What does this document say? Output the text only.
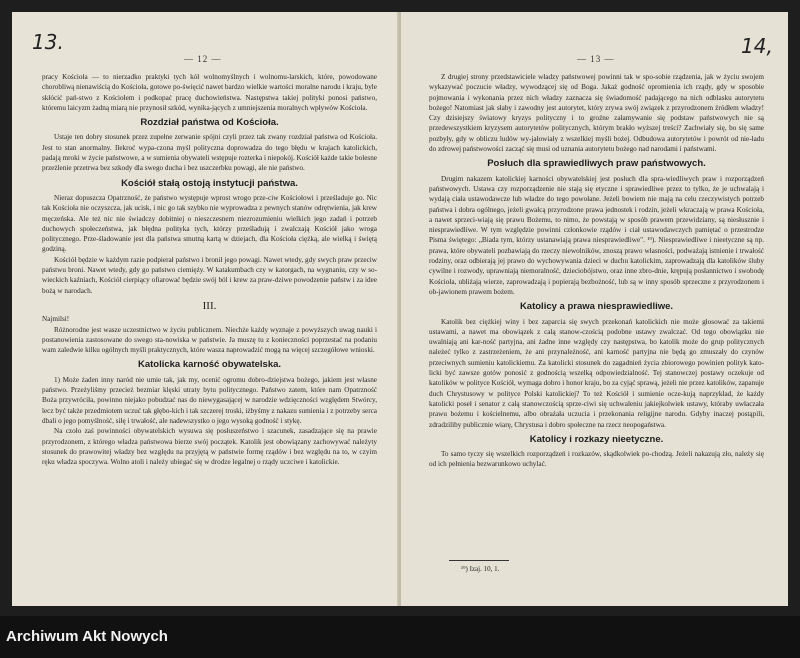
13.
— 12 —

pracy Kościoła — to nierzadko praktyki tych kół wolnomyślnych i wolnomu-larskich, które, powodowane chorobliwą nienawiścią do Kościoła, gotowe po-święcić nawet bardzo wielkie wartości moralne narodu i kraju, byle skłócić pań-stwo z Kościołem i podkopać pracę duchowieństwa. Następstwa takiej polityki ponosi państwo, któremu laicyzm żadną miarą nie przynosił szkód, wynika-jących z umniejszenia moralnych wpływów Kościoła.

Rozdział państwa od Kościoła.

Ustaje ten dobry stosunek przez zupełne zerwanie spójni czyli przez tak zwany rozdział państwa od Kościoła. Jest to stan anormalny. Ilekroć wypa-czona myśl polityczna doprowadza do tego błędu w krajach katolickich, padają mroki w życie państwowe, a w sumienia obywateli wstępuje rozterka i niepokój. Kościół każde takie bolesne przeżlenie przetrwa bez szkody dla swego ducha i bez uszczerbku powagi, ale nie państwo.

Kościół stałą ostoją instytucji państwa.

Nieraz dopuszcza Opatrzność, że państwo występuje wprost wrogo prze-ciw Kościołowi i prześladuje go. Nic tak Kościoła nie oczyszcza, jak ucisk, i nic go tak szybko nie wyprowadza z pewnych stanów odrętwienia, jak krew męczeńska. Ale też nic nie świadczy dobitniej o nieszczesnem niezrozumieniu wielkich jego zadań i potrzeb duchowych społeczeństwa, jak błędna polityka tych, którzy prześladują i zwalczają Kościół jako wroga politycznego. Prze-śladowanie jest dla państwa smutną kartą w dziejach, dla Kościoła ciężką, ale wielką i świętą godziną.

Kościół będzie w każdym razie podpierał państwo i bronił jego powagi. Nawet wtedy, gdy swych praw przeciw państwu broni. Nawet wtedy, gdy go państwo ciemięży. W katakumbach czy w katorgach, na wygnaniu, czy w so-wieckich kaźniach, Kościół cierpiący ofiarować będzie swój ból i krew za praw-dziwe powodzenie państw i za idee bożą w narodach.

III.

Najmilsi!

Różnorodne jest wasze uczestnictwo w życiu publicznem. Niechże każdy wyznaje z powyższych uwag nauki i postanowienia zastosowane do swego sta-nowiska w państwie. Ja muszę tu z konieczności poprzestać na podaniu wam zaledwie kilku ogólnych myśli praktycznych, które wasza naprowadzić mogą na więcej szczegółowe wnioski.

Katolicka karność obywatelska.

1) Może żaden inny naród nie umie tak, jak my, ocenić ogromu dobro-dziejstwa bożego, jakiem jest własne państwo. Przeżyliśmy przecież bezmiar klęski utraty bytu politycznego. Państwo zatem, które nam Opatrzność Boża przywróciła, powinno niejako pobudzać nas do niewygasającej w narodzie wdzięczności względem Stwórcy, lecz być także przedmiotem uczuć tak głębo-kich i tak szczerej troski, iżbyśmy z nakazu sumienia i z potrzeby serca dbali o jego pomyślność, siłę i trwałość, ale nadewszystko o jego wysoką godność i stykę.

Na czoło zaś powinności obywatelskich wysuwa się posłuszeństwo i szacunek, zasadzające się na prawie przyrodzonem, z którego władza państwowa bierze swój początek. Katolik jest obowiązany zachowywać należyty stosunek do prawowitej władzy bez względu na przyjętą w państwie formę rządów i bez względu na to, w czyim ręku władza spoczywa. Wolno atoli i należy ubiegać się w drodze legalnej o rządy uczciwe i katolickie.

14,
— 13 —

Z drugiej strony przedstawiciele władzy państwowej powinni tak w spo-sobie rządzenia, jak w życiu swojem wykazywać poczucie władzy, wywodzącej się od Boga. Jakaż godność opromienia ich rządy, gdy w sposobie pojmowania i wykonania przez nich władzy zaznacza się świadomość padającego na nich odblasku autorytetu bożego! Natomiast jak słaby i zawodny jest autorytet, który zrywa swój związek z przyrodzonem źródłem władzy! Czy dzisiejszy światowy kryzys polityczny i to groźne załamywanie się podstaw państwowych nie są przedewszystkiem kryzysem autorytetów politycznych, którym brakło wyższej treści? Zachwiały się, bo się same pozbyły, gdy w obliczu ludów wy-jałowiały z wszelkiej myśli bożej. Odbudowa autorytetów i powrót od nie-ładu do zdrowej państwowości zacząć się musi od uznania autorytetu bożego nad narodami i państwami.

Posłuch dla sprawiedliwych praw państwowych.

Drugim nakazem katolickiej karności obywatelskiej jest posłuch dla spra-wiedliwych praw i rozporządzeń państwowych. Ustawa czy rozporządzenie nie stają się etyczne i sprawiedliwe przez to tylko, że je uchwalają i wydają ciała ustawodawcze lub władze do tego powołane. Jeżeli bowiem nie mają na celu rzeczywistych potrzeb państwa i dobra ogólnego, jeżeli gwałcą przyrodzone prawa jednostek i rodzin, jeżeli wkraczają w prawa Kościoła, a nawet sprzeci-wiają się prawu Bożemu, to nimo, że powstają w sposób prawem przewidziany, są niesłusznie i niesprawiedliwe. W tym względzie powinni członkowie rządów i ciał ustawodawczych pamiętać o przestrodze Pisma świętego: „Biada tym, którzy ustanawiają prawa niesprawiedliwe". ¹⁹). Niesprawiedliwe i nieetyczne są np. prawa, które obywateli pozbawiają do rzeczy niewolników, znoszą prawo własności, podważają istnienie i trwałość rodziny, oraz odbierają jej prawo do wychowywania dzieci w duchu katolickim, zaprowadzają dla katolików śluby cywilne i rozwody, uprawniają niemoralność, dzieciobójstwo, oraz inne zbro-dnie, krępują posłannictwo i swobodę Kościoła, ubliżają wierze, zaprowadzają i popierają bezbożność, lub są w inny sposób sprzeczne z przyrodzonem i ob-jawionem prawem bożem.

Katolicy a prawa niesprawiedliwe.

Katolik bez ciężkiej winy i bez zaparcia się swych przekonań katolickich nie może głosować za takiemi ustawami, a nawet ma obowiązek z całą stanow-czością podobne ustawy zwalczać. Od tego obowiązku nie uwalniają ani kar-ność partyjna, ani żadne inne względy czy następstwa, bo katolik może do grup politycznych należeć tylko z zastrzeżeniem, że ani przynależność, ani karność partyjna nie będą go zmuszały do czynów przeciwnych sumieniu katolickiemu. Za katolicki stosunek do zagadnień życia zbiorowego powinien polityk kato-licki być zawsze gotów ponosić z godnością wszelką odpowiedzialność. Tej stanowczej postawy oczekuje od katolików w polityce Kościół, wymaga dobro i honor kraju, bo za cyjąć sprawą, jeżeli nie przez katolików, zapanuje duch Chrystusowy w polityce Polski katolickiej? To też Kościół i sumienie ocze-kują naprzykład, że każdy katolicki poseł i senator z całą stanowczością sprze-ciwi się uchwaleniu jakiejkolwiek ustawy, któraby uwłaczała prawu bożemu i kościelnemu, albo obrażała uczucia i przekonania religijne narodu. Gdyby inaczej postąpili, zdradziliby publicznie wiarę, Chrystusa i dobro społeczne na rzecz neopogaństwa.

Katolicy i rozkazy nieetyczne.

To samo tyczy się wszelkich rozporządzeń i rozkazów, skądkolwiek po-chodzą. Jeżeli nakazują zło, należy się od ich pełnienia bezwarunkowo uchylać.

¹⁹) Izaj. 10, 1.
Archiwum Akt Nowych
